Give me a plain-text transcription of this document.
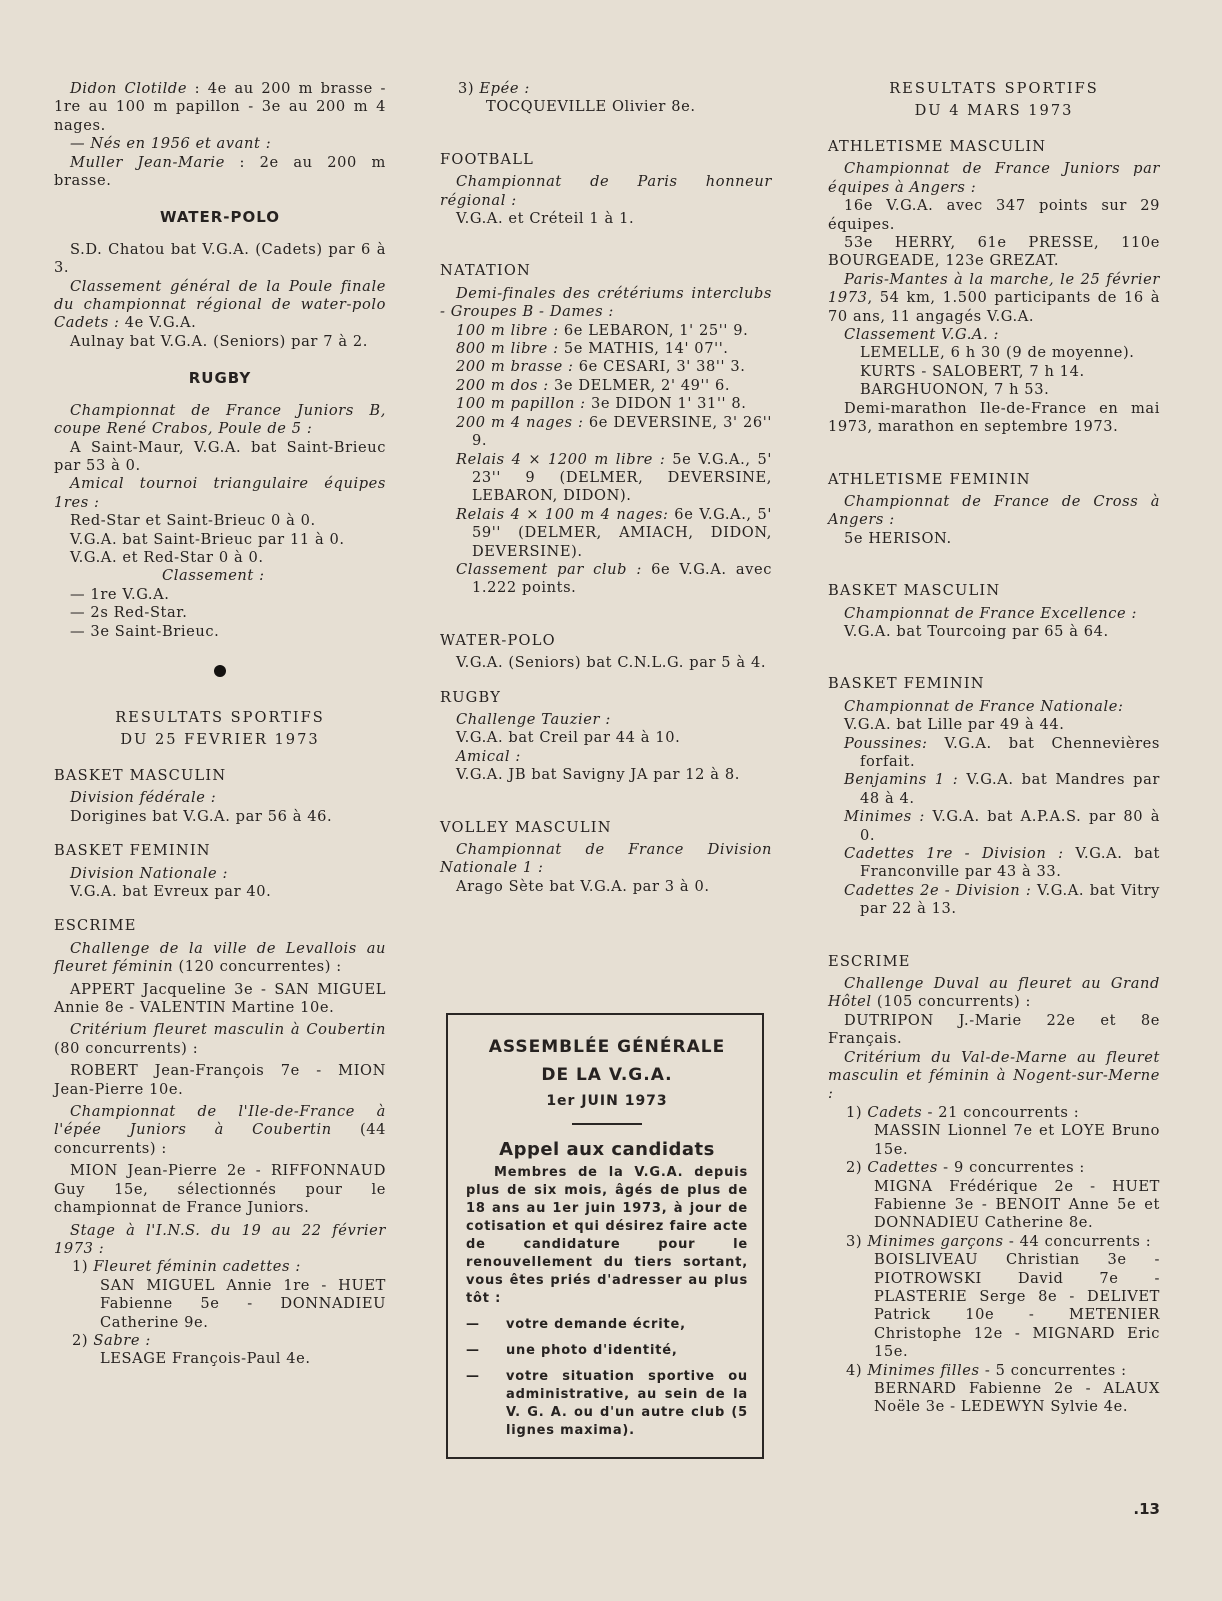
Didon Clotilde : 4e au 200 m brasse - 1re au 100 m papillon - 3e au 200 m 4 nages.

— Nés en 1956 et avant :

Muller Jean-Marie : 2e au 200 m brasse.

WATER-POLO

S.D. Chatou bat V.G.A. (Cadets) par 6 à 3.

Classement général de la Poule finale du championnat régional de water-polo Cadets : 4e V.G.A.

Aulnay bat V.G.A. (Seniors) par 7 à 2.

RUGBY

Championnat de France Juniors B, coupe René Crabos, Poule de 5 :

A Saint-Maur, V.G.A. bat Saint-Brieuc par 53 à 0.

Amical tournoi triangulaire équipes 1res :

Red-Star et Saint-Brieuc 0 à 0.

V.G.A. bat Saint-Brieuc par 11 à 0.

V.G.A. et Red-Star 0 à 0.

Classement :

— 1re V.G.A.

— 2s Red-Star.

— 3e Saint-Brieuc.

RESULTATS SPORTIFS

DU 25 FEVRIER 1973

BASKET MASCULIN

Division fédérale :

Dorigines bat V.G.A. par 56 à 46.

BASKET FEMININ

Division Nationale :

V.G.A. bat Evreux par 40.

ESCRIME

Challenge de la ville de Levallois au fleuret féminin (120 concurrentes) :

APPERT Jacqueline 3e - SAN MIGUEL Annie 8e - VALENTIN Martine 10e.

Critérium fleuret masculin à Coubertin (80 concurrents) :

ROBERT Jean-François 7e - MION Jean-Pierre 10e.

Championnat de l'Ile-de-France à l'épée Juniors à Coubertin (44 concurrents) :

MION Jean-Pierre 2e - RIFFONNAUD Guy 15e, sélectionnés pour le championnat de France Juniors.

Stage à l'I.N.S. du 19 au 22 février 1973 :

1) Fleuret féminin cadettes :

SAN MIGUEL Annie 1re - HUET Fabienne 5e - DONNADIEU Catherine 9e.

2) Sabre :

LESAGE François-Paul 4e.

3) Epée :

TOCQUEVILLE Olivier 8e.

FOOTBALL

Championnat de Paris honneur régional :

V.G.A. et Créteil 1 à 1.

NATATION

Demi-finales des crétériums interclubs - Groupes B - Dames :

100 m libre : 6e LEBARON, 1' 25'' 9.

800 m libre : 5e MATHIS, 14' 07''.

200 m brasse : 6e CESARI, 3' 38'' 3.

200 m dos : 3e DELMER, 2' 49'' 6.

100 m papillon : 3e DIDON 1' 31'' 8.

200 m 4 nages : 6e DEVERSINE, 3' 26'' 9.

Relais 4 × 1200 m libre : 5e V.G.A., 5' 23'' 9 (DELMER, DEVERSINE, LEBARON, DIDON).

Relais 4 × 100 m 4 nages: 6e V.G.A., 5' 59'' (DELMER, AMIACH, DIDON, DEVERSINE).

Classement par club : 6e V.G.A. avec 1.222 points.

WATER-POLO

V.G.A. (Seniors) bat C.N.L.G. par 5 à 4.

RUGBY

Challenge Tauzier :

V.G.A. bat Creil par 44 à 10.

Amical :

V.G.A. JB bat Savigny JA par 12 à 8.

VOLLEY MASCULIN

Championnat de France Division Nationale 1 :

Arago Sète bat V.G.A. par 3 à 0.

ASSEMBLÉE GÉNÉRALE
DE LA V.G.A.
1er JUIN 1973
Appel aux candidats

Membres de la V.G.A. depuis plus de six mois, âgés de plus de 18 ans au 1er juin 1973, à jour de cotisation et qui désirez faire acte de candidature pour le renouvellement du tiers sortant, vous êtes priés d'adresser au plus tôt :

— votre demande écrite,

— une photo d'identité,

— votre situation sportive ou administrative, au sein de la V. G. A. ou d'un autre club (5 lignes maxima).

RESULTATS SPORTIFS

DU 4 MARS 1973

ATHLETISME MASCULIN

Championnat de France Juniors par équipes à Angers :

16e V.G.A. avec 347 points sur 29 équipes.

53e HERRY, 61e PRESSE, 110e BOURGEADE, 123e GREZAT.

Paris-Mantes à la marche, le 25 février 1973, 54 km, 1.500 participants de 16 à 70 ans, 11 angagés V.G.A.

Classement V.G.A. :

LEMELLE, 6 h 30 (9 de moyenne).

KURTS - SALOBERT, 7 h 14.

BARGHUONON, 7 h 53.

Demi-marathon Ile-de-France en mai 1973, marathon en septembre 1973.

ATHLETISME FEMININ

Championnat de France de Cross à Angers :

5e HERISON.

BASKET MASCULIN

Championnat de France Excellence :

V.G.A. bat Tourcoing par 65 à 64.

BASKET FEMININ

Championnat de France Nationale:

V.G.A. bat Lille par 49 à 44.

Poussines: V.G.A. bat Chennevières forfait.

Benjamins 1 : V.G.A. bat Mandres par 48 à 4.

Minimes : V.G.A. bat A.P.A.S. par 80 à 0.

Cadettes 1re - Division : V.G.A. bat Franconville par 43 à 33.

Cadettes 2e - Division : V.G.A. bat Vitry par 22 à 13.

ESCRIME

Challenge Duval au fleuret au Grand Hôtel (105 concurrents) :

DUTRIPON J.-Marie 22e et 8e Français.

Critérium du Val-de-Marne au fleuret masculin et féminin à Nogent-sur-Merne :

1) Cadets - 21 concourrents :

MASSIN Lionnel 7e et LOYE Bruno 15e.

2) Cadettes - 9 concurrentes :

MIGNA Frédérique 2e - HUET Fabienne 3e - BENOIT Anne 5e et DONNADIEU Catherine 8e.

3) Minimes garçons - 44 concurrents :

BOISLIVEAU Christian 3e - PIOTROWSKI David 7e - PLASTERIE Serge 8e - DELIVET Patrick 10e - METENIER Christophe 12e - MIGNARD Eric 15e.

4) Minimes filles - 5 concurrentes :

BERNARD Fabienne 2e - ALAUX Noële 3e - LEDEWYN Sylvie 4e.

.13
